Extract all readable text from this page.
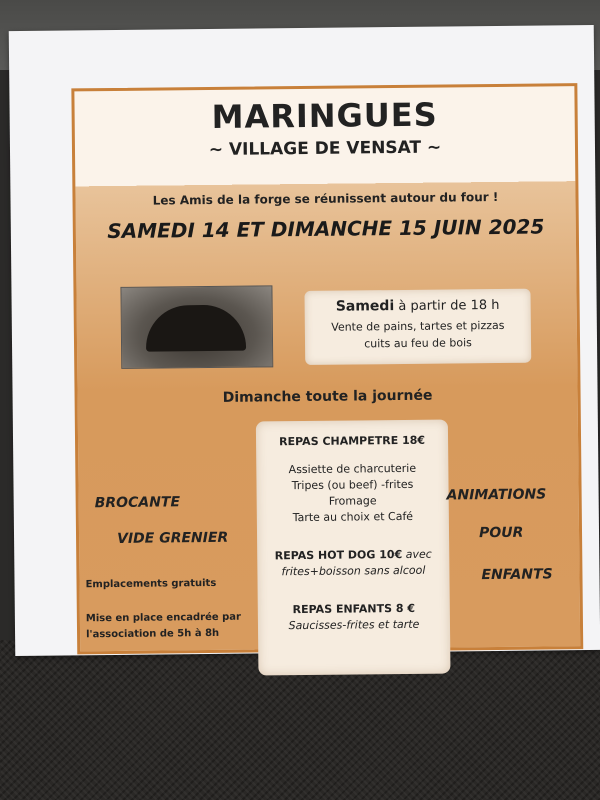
MARINGUES
~ VILLAGE DE VENSAT ~
Les Amis de la forge se réunissent autour du four !
SAMEDI 14 ET DIMANCHE 15 JUIN 2025
Samedi à partir de 18 h
Vente de pains, tartes et pizzas
cuits au feu de bois
Dimanche toute la journée
REPAS CHAMPETRE 18€
Assiette de charcuterie
Tripes (ou beef) -frites
Fromage
Tarte au choix et Café
REPAS HOT DOG 10€ avec
frites+boisson sans alcool
REPAS ENFANTS 8 €
Saucisses-frites et tarte
BROCANTE
VIDE GRENIER
Emplacements gratuits
Mise en place encadrée par
l'association de 5h à 8h
ANIMATIONS
POUR
ENFANTS
